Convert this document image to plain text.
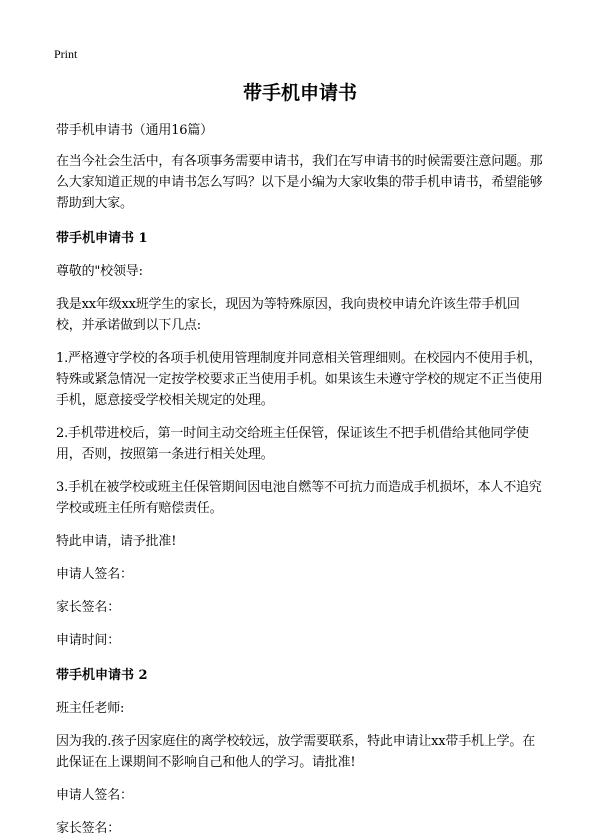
Print
带手机申请书

带手机申请书（通用16篇）

在当今社会生活中，有各项事务需要申请书，我们在写申请书的时候需要注意问题。那么大家知道正规的申请书怎么写吗？以下是小编为大家收集的带手机申请书，希望能够帮助到大家。

带手机申请书 1

尊敬的"校领导:

我是xx年级xx班学生的家长，现因为等特殊原因，我向贵校申请允许该生带手机回校，并承诺做到以下几点:

1.严格遵守学校的各项手机使用管理制度并同意相关管理细则。在校园内不使用手机，特殊或紧急情况一定按学校要求正当使用手机。如果该生未遵守学校的规定不正当使用手机，愿意接受学校相关规定的处理。

2.手机带进校后，第一时间主动交给班主任保管，保证该生不把手机借给其他同学使用，否则，按照第一条进行相关处理。

3.手机在被学校或班主任保管期间因电池自燃等不可抗力而造成手机损坏，本人不追究学校或班主任所有赔偿责任。

特此申请，请予批准!

申请人签名：

家长签名：

申请时间：

带手机申请书 2

班主任老师:

因为我的.孩子因家庭住的离学校较远，放学需要联系，特此申请让xx带手机上学。在此保证在上课期间不影响自己和他人的学习。请批准!

申请人签名：

家长签名：
